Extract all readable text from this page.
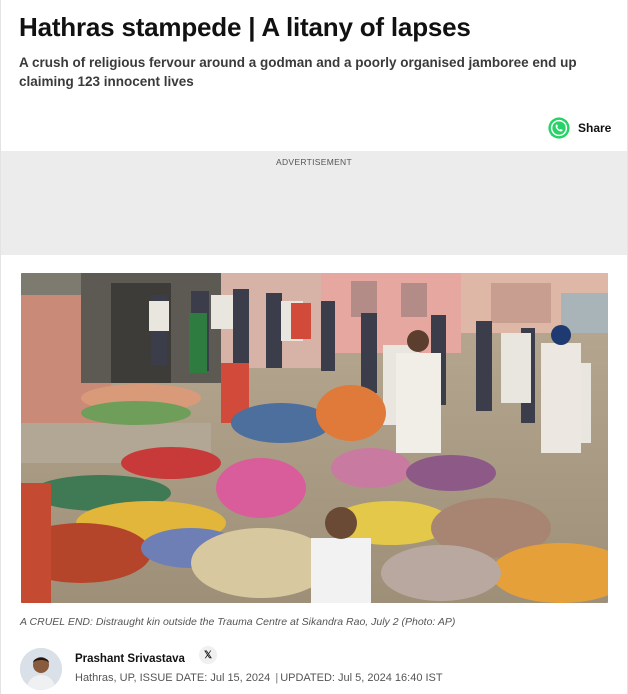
Hathras stampede | A litany of lapses

A crush of religious fervour around a godman and a poorly organised jamboree end up claiming 123 innocent lives

Share
ADVERTISEMENT

A CRUEL END: Distraught kin outside the Trauma Centre at Sikandra Rao, July 2 (Photo: AP)

Prashant Srivastava	𝕏
Hathras, UP, ISSUE DATE: Jul 15, 2024 | UPDATED: Jul 5, 2024 16:40 IST
